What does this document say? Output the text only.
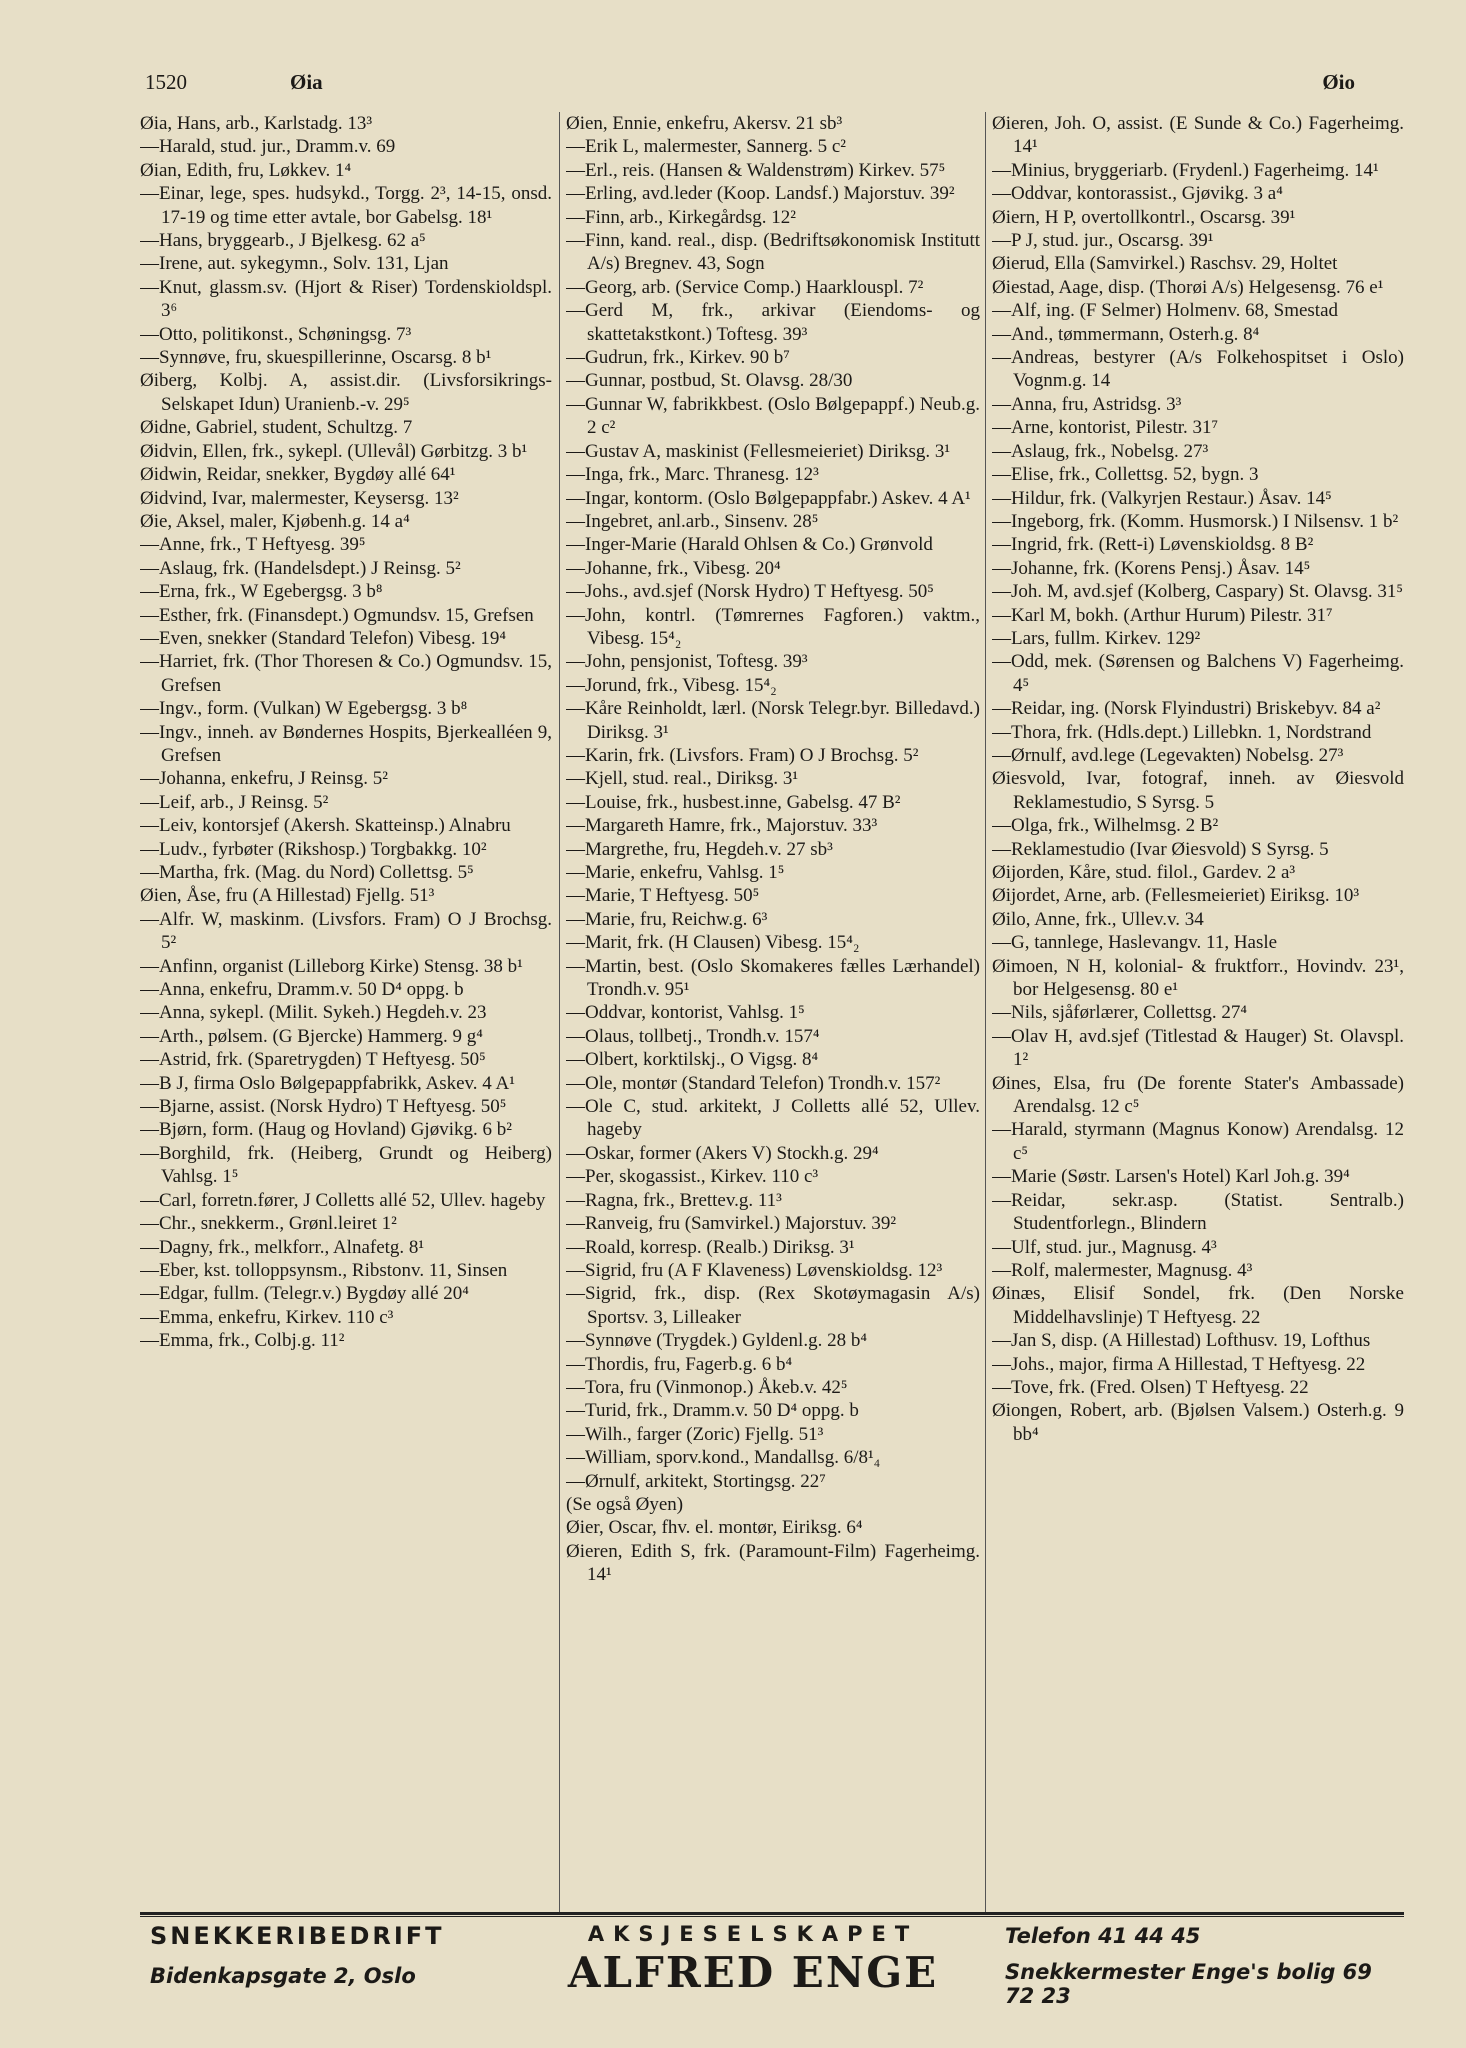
1520	Øia	Øio

Øia, Hans, arb., Karlstadg. 13³

—Harald, stud. jur., Dramm.v. 69

Øian, Edith, fru, Løkkev. 1⁴

—Einar, lege, spes. hudsykd., Torgg. 2³, 14-15, onsd. 17-19 og time etter avtale, bor Gabelsg. 18¹

—Hans, bryggearb., J Bjelkesg. 62 a⁵

—Irene, aut. sykegymn., Solv. 131, Ljan

—Knut, glassm.sv. (Hjort & Riser) Tordenskioldspl. 3⁶

—Otto, politikonst., Schøningsg. 7³

—Synnøve, fru, skuespillerinne, Oscarsg. 8 b¹

Øiberg, Kolbj. A, assist.dir. (Livsforsikrings-Selskapet Idun) Uranienb.-v. 29⁵

Øidne, Gabriel, student, Schultzg. 7

Øidvin, Ellen, frk., sykepl. (Ullevål) Gørbitzg. 3 b¹

Øidwin, Reidar, snekker, Bygdøy allé 64¹

Øidvind, Ivar, malermester, Keysersg. 13²

Øie, Aksel, maler, Kjøbenh.g. 14 a⁴

—Anne, frk., T Heftyesg. 39⁵

—Aslaug, frk. (Handelsdept.) J Reinsg. 5²

—Erna, frk., W Egebergsg. 3 b⁸

—Esther, frk. (Finansdept.) Ogmundsv. 15, Grefsen

—Even, snekker (Standard Telefon) Vibesg. 19⁴

—Harriet, frk. (Thor Thoresen & Co.) Ogmundsv. 15, Grefsen

—Ingv., form. (Vulkan) W Egebergsg. 3 b⁸

—Ingv., inneh. av Bøndernes Hospits, Bjerkealléen 9, Grefsen

—Johanna, enkefru, J Reinsg. 5²

—Leif, arb., J Reinsg. 5²

—Leiv, kontorsjef (Akersh. Skatteinsp.) Alnabru

—Ludv., fyrbøter (Rikshosp.) Torgbakkg. 10²

—Martha, frk. (Mag. du Nord) Collettsg. 5⁵

Øien, Åse, fru (A Hillestad) Fjellg. 51³

—Alfr. W, maskinm. (Livsfors. Fram) O J Brochsg. 5²

—Anfinn, organist (Lilleborg Kirke) Stensg. 38 b¹

—Anna, enkefru, Dramm.v. 50 D⁴ oppg. b

—Anna, sykepl. (Milit. Sykeh.) Hegdeh.v. 23

—Arth., pølsem. (G Bjercke) Hammerg. 9 g⁴

—Astrid, frk. (Sparetrygden) T Heftyesg. 50⁵

—B J, firma Oslo Bølgepappfabrikk, Askev. 4 A¹

—Bjarne, assist. (Norsk Hydro) T Heftyesg. 50⁵

—Bjørn, form. (Haug og Hovland) Gjøvikg. 6 b²

—Borghild, frk. (Heiberg, Grundt og Heiberg) Vahlsg. 1⁵

—Carl, forretn.fører, J Colletts allé 52, Ullev. hageby

—Chr., snekkerm., Grønl.leiret 1²

—Dagny, frk., melkforr., Alnafetg. 8¹

—Eber, kst. tolloppsynsm., Ribstonv. 11, Sinsen

—Edgar, fullm. (Telegr.v.) Bygdøy allé 20⁴

—Emma, enkefru, Kirkev. 110 c³

—Emma, frk., Colbj.g. 11²

Øien, Ennie, enkefru, Akersv. 21 sb³

—Erik L, malermester, Sannerg. 5 c²

—Erl., reis. (Hansen & Waldenstrøm) Kirkev. 57⁵

—Erling, avd.leder (Koop. Landsf.) Majorstuv. 39²

—Finn, arb., Kirkegårdsg. 12²

—Finn, kand. real., disp. (Bedriftsøkonomisk Institutt A/s) Bregnev. 43, Sogn

—Georg, arb. (Service Comp.) Haarklouspl. 7²

—Gerd M, frk., arkivar (Eiendoms- og skattetakstkont.) Toftesg. 39³

—Gudrun, frk., Kirkev. 90 b⁷

—Gunnar, postbud, St. Olavsg. 28/30

—Gunnar W, fabrikkbest. (Oslo Bølgepappf.) Neub.g. 2 c²

—Gustav A, maskinist (Fellesmeieriet) Diriksg. 3¹

—Inga, frk., Marc. Thranesg. 12³

—Ingar, kontorm. (Oslo Bølgepappfabr.) Askev. 4 A¹

—Ingebret, anl.arb., Sinsenv. 28⁵

—Inger-Marie (Harald Ohlsen & Co.) Grønvold

—Johanne, frk., Vibesg. 20⁴

—Johs., avd.sjef (Norsk Hydro) T Heftyesg. 50⁵

—John, kontrl. (Tømrernes Fagforen.) vaktm., Vibesg. 15⁴₂

—John, pensjonist, Toftesg. 39³

—Jorund, frk., Vibesg. 15⁴₂

—Kåre Reinholdt, lærl. (Norsk Telegr.byr. Billedavd.) Diriksg. 3¹

—Karin, frk. (Livsfors. Fram) O J Brochsg. 5²

—Kjell, stud. real., Diriksg. 3¹

—Louise, frk., husbest.inne, Gabelsg. 47 B²

—Margareth Hamre, frk., Majorstuv. 33³

—Margrethe, fru, Hegdeh.v. 27 sb³

—Marie, enkefru, Vahlsg. 1⁵

—Marie, T Heftyesg. 50⁵

—Marie, fru, Reichw.g. 6³

—Marit, frk. (H Clausen) Vibesg. 15⁴₂

—Martin, best. (Oslo Skomakeres fælles Lærhandel) Trondh.v. 95¹

—Oddvar, kontorist, Vahlsg. 1⁵

—Olaus, tollbetj., Trondh.v. 157⁴

—Olbert, korktilskj., O Vigsg. 8⁴

—Ole, montør (Standard Telefon) Trondh.v. 157²

—Ole C, stud. arkitekt, J Colletts allé 52, Ullev. hageby

—Oskar, former (Akers V) Stockh.g. 29⁴

—Per, skogassist., Kirkev. 110 c³

—Ragna, frk., Brettev.g. 11³

—Ranveig, fru (Samvirkel.) Majorstuv. 39²

—Roald, korresp. (Realb.) Diriksg. 3¹

—Sigrid, fru (A F Klaveness) Løvenskioldsg. 12³

—Sigrid, frk., disp. (Rex Skotøymagasin A/s) Sportsv. 3, Lilleaker

—Synnøve (Trygdek.) Gyldenl.g. 28 b⁴

—Thordis, fru, Fagerb.g. 6 b⁴

—Tora, fru (Vinmonop.) Åkeb.v. 42⁵

—Turid, frk., Dramm.v. 50 D⁴ oppg. b

—Wilh., farger (Zoric) Fjellg. 51³

—William, sporv.kond., Mandallsg. 6/8¹₄

—Ørnulf, arkitekt, Stortingsg. 22⁷

(Se også Øyen)

Øier, Oscar, fhv. el. montør, Eiriksg. 6⁴

Øieren, Edith S, frk. (Paramount-Film) Fagerheimg. 14¹

Øieren, Joh. O, assist. (E Sunde & Co.) Fagerheimg. 14¹

—Minius, bryggeriarb. (Frydenl.) Fagerheimg. 14¹

—Oddvar, kontorassist., Gjøvikg. 3 a⁴

Øiern, H P, overtollkontrl., Oscarsg. 39¹

—P J, stud. jur., Oscarsg. 39¹

Øierud, Ella (Samvirkel.) Raschsv. 29, Holtet

Øiestad, Aage, disp. (Thorøi A/s) Helgesensg. 76 e¹

—Alf, ing. (F Selmer) Holmenv. 68, Smestad

—And., tømmermann, Osterh.g. 8⁴

—Andreas, bestyrer (A/s Folkehospitset i Oslo) Vognm.g. 14

—Anna, fru, Astridsg. 3³

—Arne, kontorist, Pilestr. 31⁷

—Aslaug, frk., Nobelsg. 27³

—Elise, frk., Collettsg. 52, bygn. 3

—Hildur, frk. (Valkyrjen Restaur.) Åsav. 14⁵

—Ingeborg, frk. (Komm. Husmorsk.) I Nilsensv. 1 b²

—Ingrid, frk. (Rett-i) Løvenskioldsg. 8 B²

—Johanne, frk. (Korens Pensj.) Åsav. 14⁵

—Joh. M, avd.sjef (Kolberg, Caspary) St. Olavsg. 31⁵

—Karl M, bokh. (Arthur Hurum) Pilestr. 31⁷

—Lars, fullm. Kirkev. 129²

—Odd, mek. (Sørensen og Balchens V) Fagerheimg. 4⁵

—Reidar, ing. (Norsk Flyindustri) Briskebyv. 84 a²

—Thora, frk. (Hdls.dept.) Lillebkn. 1, Nordstrand

—Ørnulf, avd.lege (Legevakten) Nobelsg. 27³

Øiesvold, Ivar, fotograf, inneh. av Øiesvold Reklamestudio, S Syrsg. 5

—Olga, frk., Wilhelmsg. 2 B²

—Reklamestudio (Ivar Øiesvold) S Syrsg. 5

Øijorden, Kåre, stud. filol., Gardev. 2 a³

Øijordet, Arne, arb. (Fellesmeieriet) Eiriksg. 10³

Øilo, Anne, frk., Ullev.v. 34

—G, tannlege, Haslevangv. 11, Hasle

Øimoen, N H, kolonial- & fruktforr., Hovindv. 23¹, bor Helgesensg. 80 e¹

—Nils, sjåførlærer, Collettsg. 27⁴

—Olav H, avd.sjef (Titlestad & Hauger) St. Olavspl. 1²

Øines, Elsa, fru (De forente Stater's Ambassade) Arendalsg. 12 c⁵

—Harald, styrmann (Magnus Konow) Arendalsg. 12 c⁵

—Marie (Søstr. Larsen's Hotel) Karl Joh.g. 39⁴

—Reidar, sekr.asp. (Statist. Sentralb.) Studentforlegn., Blindern

—Ulf, stud. jur., Magnusg. 4³

—Rolf, malermester, Magnusg. 4³

Øinæs, Elisif Sondel, frk. (Den Norske Middelhavslinje) T Heftyesg. 22

—Jan S, disp. (A Hillestad) Lofthusv. 19, Lofthus

—Johs., major, firma A Hillestad, T Heftyesg. 22

—Tove, frk. (Fred. Olsen) T Heftyesg. 22

Øiongen, Robert, arb. (Bjølsen Valsem.) Osterh.g. 9 bb⁴

SNEKKERIBEDRIFT
Bidenkapsgate 2, Oslo
AKSJESELSKAPET
ALFRED ENGE
Telefon 41 44 45
Snekkermester Enge's bolig 69 72 23
